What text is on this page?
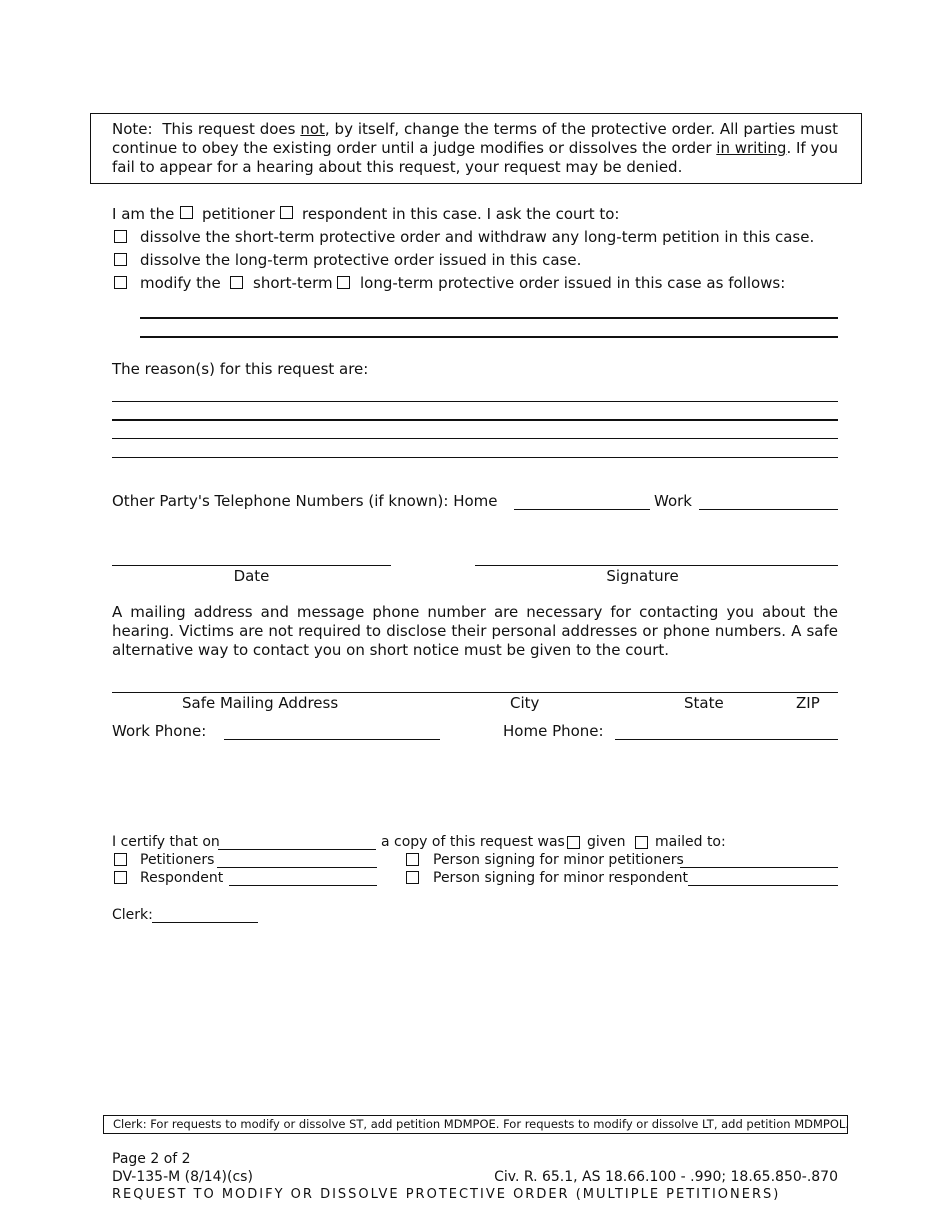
Note: This request does not, by itself, change the terms of the protective order. All parties must continue to obey the existing order until a judge modifies or dissolves the order in writing. If you fail to appear for a hearing about this request, your request may be denied.
I am the petitioner respondent in this case. I ask the court to:
dissolve the short-term protective order and withdraw any long-term petition in this case.
dissolve the long-term protective order issued in this case.
modify the short-term long-term protective order issued in this case as follows:
The reason(s) for this request are:
Other Party's Telephone Numbers (if known): Home	Work
Date	Signature
A mailing address and message phone number are necessary for contacting you about the hearing. Victims are not required to disclose their personal addresses or phone numbers. A safe alternative way to contact you on short notice must be given to the court.
Safe Mailing Address	City	State	ZIP
Work Phone:	Home Phone:
I certify that on	a copy of this request was given mailed to:
Petitioners	Person signing for minor petitioners
Respondent	Person signing for minor respondent
Clerk:
Clerk: For requests to modify or dissolve ST, add petition MDMPOE. For requests to modify or dissolve LT, add petition MDMPOL.
Page 2 of 2
DV-135-M (8/14)(cs)	Civ. R. 65.1, AS 18.66.100 - .990; 18.65.850-.870
REQUEST TO MODIFY OR DISSOLVE PROTECTIVE ORDER (MULTIPLE PETITIONERS)
